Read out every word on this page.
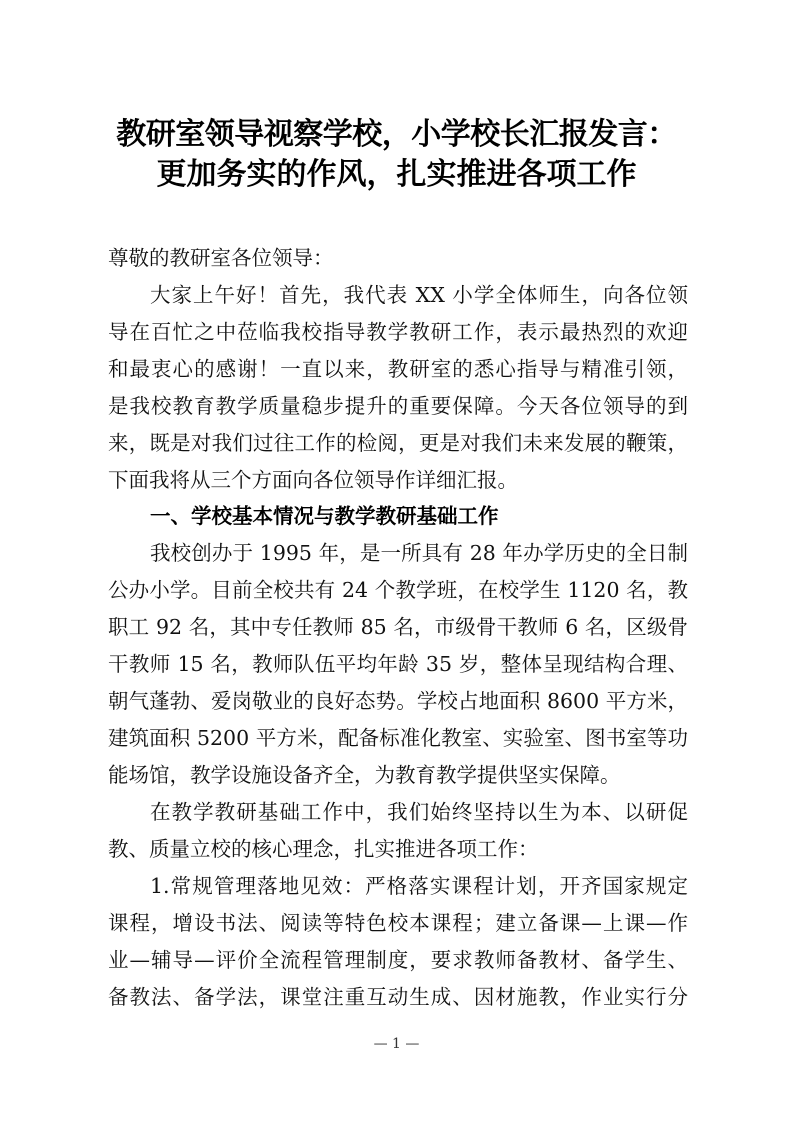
教研室领导视察学校，小学校长汇报发言：
更加务实的作风，扎实推进各项工作
尊敬的教研室各位领导：
大家上午好！首先，我代表 XX 小学全体师生，向各位领
导在百忙之中莅临我校指导教学教研工作，表示最热烈的欢迎
和最衷心的感谢！一直以来，教研室的悉心指导与精准引领，
是我校教育教学质量稳步提升的重要保障。今天各位领导的到
来，既是对我们过往工作的检阅，更是对我们未来发展的鞭策，
下面我将从三个方面向各位领导作详细汇报。
一、学校基本情况与教学教研基础工作
我校创办于 1995 年，是一所具有 28 年办学历史的全日制
公办小学。目前全校共有 24 个教学班，在校学生 1120 名，教
职工 92 名，其中专任教师 85 名，市级骨干教师 6 名，区级骨
干教师 15 名，教师队伍平均年龄 35 岁，整体呈现结构合理、
朝气蓬勃、爱岗敬业的良好态势。学校占地面积 8600 平方米，
建筑面积 5200 平方米，配备标准化教室、实验室、图书室等功
能场馆，教学设施设备齐全，为教育教学提供坚实保障。
在教学教研基础工作中，我们始终坚持以生为本、以研促
教、质量立校的核心理念，扎实推进各项工作：
1.常规管理落地见效：严格落实课程计划，开齐国家规定
课程，增设书法、阅读等特色校本课程；建立备课—上课—作
业—辅导—评价全流程管理制度，要求教师备教材、备学生、
备教法、备学法，课堂注重互动生成、因材施教，作业实行分
— 1 —
